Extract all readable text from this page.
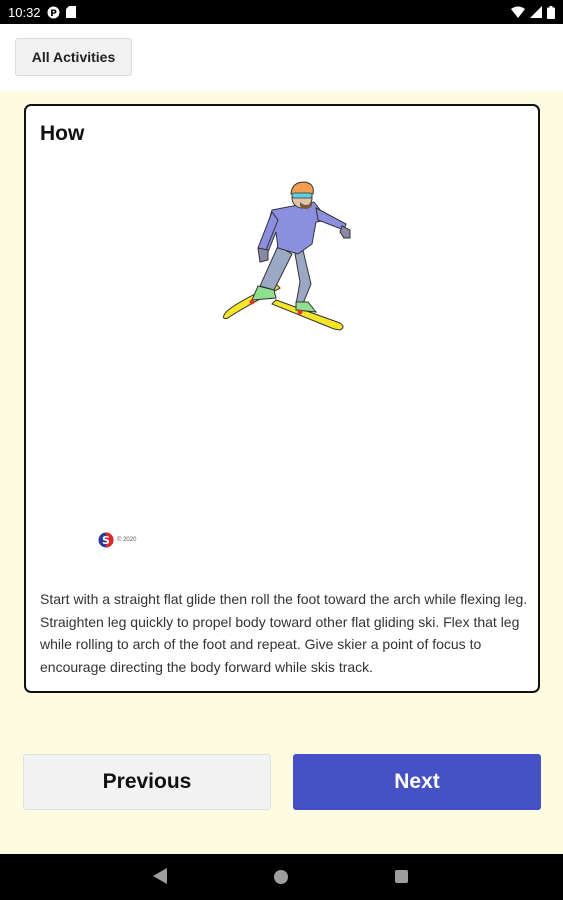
10:32 P
All Activities
How
S © 2020
Start with a straight flat glide then roll the foot toward the arch while flexing leg. Straighten leg quickly to propel body toward other flat gliding ski. Flex that leg while rolling to arch of the foot and repeat. Give skier a point of focus to encourage directing the body forward while skis track.
Previous	Next
